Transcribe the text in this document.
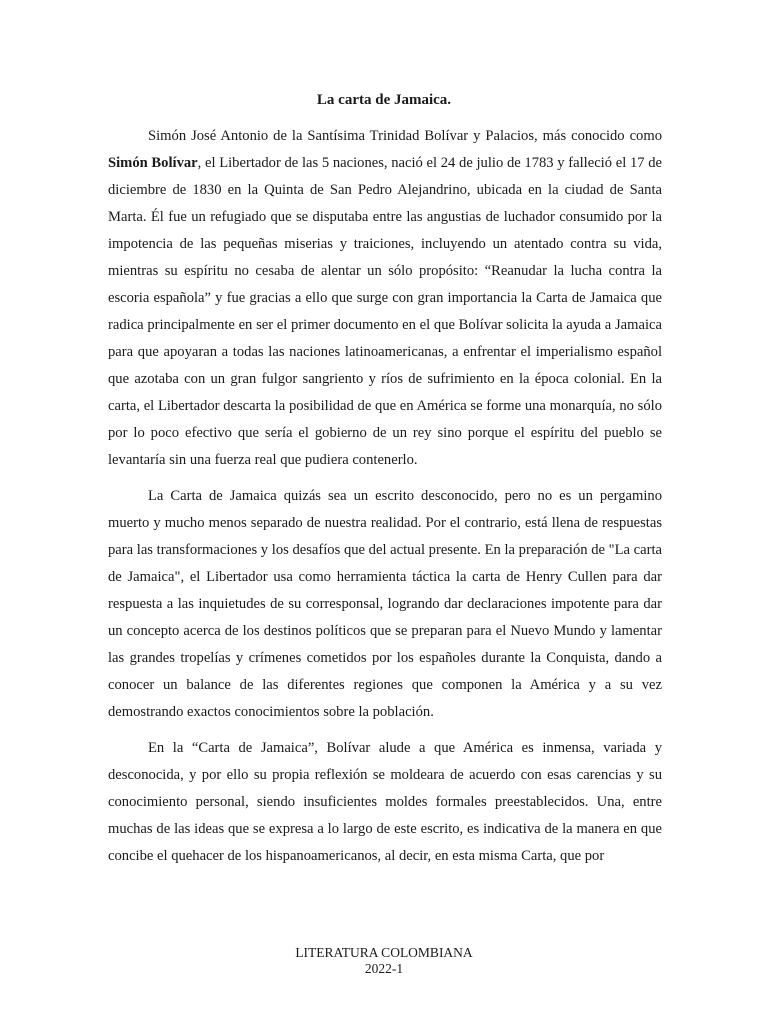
La carta de Jamaica.

Simón José Antonio de la Santísima Trinidad Bolívar y Palacios, más conocido como Simón Bolívar, el Libertador de las 5 naciones, nació el 24 de julio de 1783 y falleció el 17 de diciembre de 1830 en la Quinta de San Pedro Alejandrino, ubicada en la ciudad de Santa Marta. Él fue un refugiado que se disputaba entre las angustias de luchador consumido por la impotencia de las pequeñas miserias y traiciones, incluyendo un atentado contra su vida, mientras su espíritu no cesaba de alentar un sólo propósito: “Reanudar la lucha contra la escoria española” y fue gracias a ello que surge con gran importancia la Carta de Jamaica que radica principalmente en ser el primer documento en el que Bolívar solicita la ayuda a Jamaica para que apoyaran a todas las naciones latinoamericanas, a enfrentar el imperialismo español que azotaba con un gran fulgor sangriento y ríos de sufrimiento en la época colonial. En la carta, el Libertador descarta la posibilidad de que en América se forme una monarquía, no sólo por lo poco efectivo que sería el gobierno de un rey sino porque el espíritu del pueblo se levantaría sin una fuerza real que pudiera contenerlo.

La Carta de Jamaica quizás sea un escrito desconocido, pero no es un pergamino muerto y mucho menos separado de nuestra realidad. Por el contrario, está llena de respuestas para las transformaciones y los desafíos que del actual presente. En la preparación de "La carta de Jamaica", el Libertador usa como herramienta táctica la carta de Henry Cullen para dar respuesta a las inquietudes de su corresponsal, logrando dar declaraciones impotente para dar un concepto acerca de los destinos políticos que se preparan para el Nuevo Mundo y lamentar las grandes tropelías y crímenes cometidos por los españoles durante la Conquista, dando a conocer un balance de las diferentes regiones que componen la América y a su vez demostrando exactos conocimientos sobre la población.

En la “Carta de Jamaica”, Bolívar alude a que América es inmensa, variada y desconocida, y por ello su propia reflexión se moldeara de acuerdo con esas carencias y su conocimiento personal, siendo insuficientes moldes formales preestablecidos. Una, entre muchas de las ideas que se expresa a lo largo de este escrito, es indicativa de la manera en que concibe el quehacer de los hispanoamericanos, al decir, en esta misma Carta, que por

LITERATURA COLOMBIANA
2022-1
